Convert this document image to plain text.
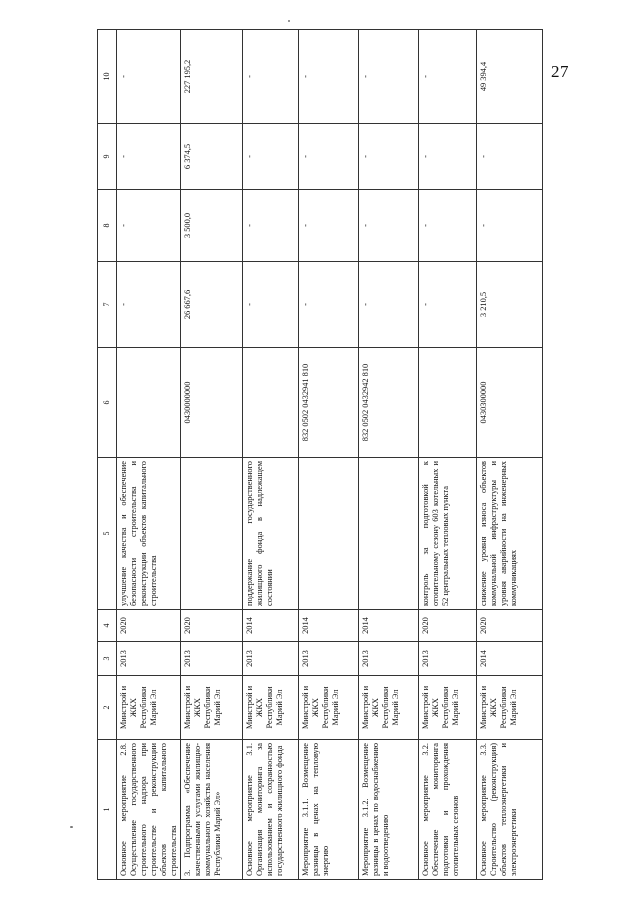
27
1	2	3	4	5	6	7	8	9	10
Основное мероприятие 2.8. Осуществление государственного строительного надзора при строительстве и реконструкции объектов капитального строительства	Минстрой и ЖКХ Республики Марий Эл	2013	2020	улучшение качества и обеспечение безопасности строительства и реконструкции объектов капитального строительства		-	-	-	-
3. Подпрограмма «Обеспечение качественными услугами жилищно-коммунального хозяйства населения Республики Марий Эл»	Минстрой и ЖКХ Республики Марий Эл	2013	2020		0430000000	26 667,6	3 500,0	6 374,5	227 195,2
Основное мероприятие 3.1. Организация мониторинга за использованием и сохранностью государственного жилищного фонда	Минстрой и ЖКХ Республики Марий Эл	2013	2014	поддержание государственного жилищного фонда в надлежащем состоянии		-	-	-	-
Мероприятие 3.1.1. Возмещение разницы в ценах на тепловую энергию	Минстрой и ЖКХ Республики Марий Эл	2013	2014		832 0502 0432941 810	-	-	-	-
Мероприятие 3.1.2. Возмещение разницы в ценах по водоснабжению и водоотведению	Минстрой и ЖКХ Республики Марий Эл	2013	2014		832 0502 0432942 810	-	-	-	-
Основное мероприятие 3.2. Обеспечение мониторинга подготовки и прохождения отопительных сезонов	Минстрой и ЖКХ Республики Марий Эл	2013	2020	контроль за подготовкой к отопительному сезону 603 котельных и 52 центральных тепловых пункта		-	-	-	-
Основное мероприятие 3.3. Строительство (реконструкция) объектов теплоэнергетики и электроэнергетики	Минстрой и ЖКХ Республики Марий Эл	2014	2020	снижение уровня износа объектов коммунальной инфраструктуры и уровня аварийности на инженерных коммуникациях	0430300000	3 210,5	-	-	49 394,4
